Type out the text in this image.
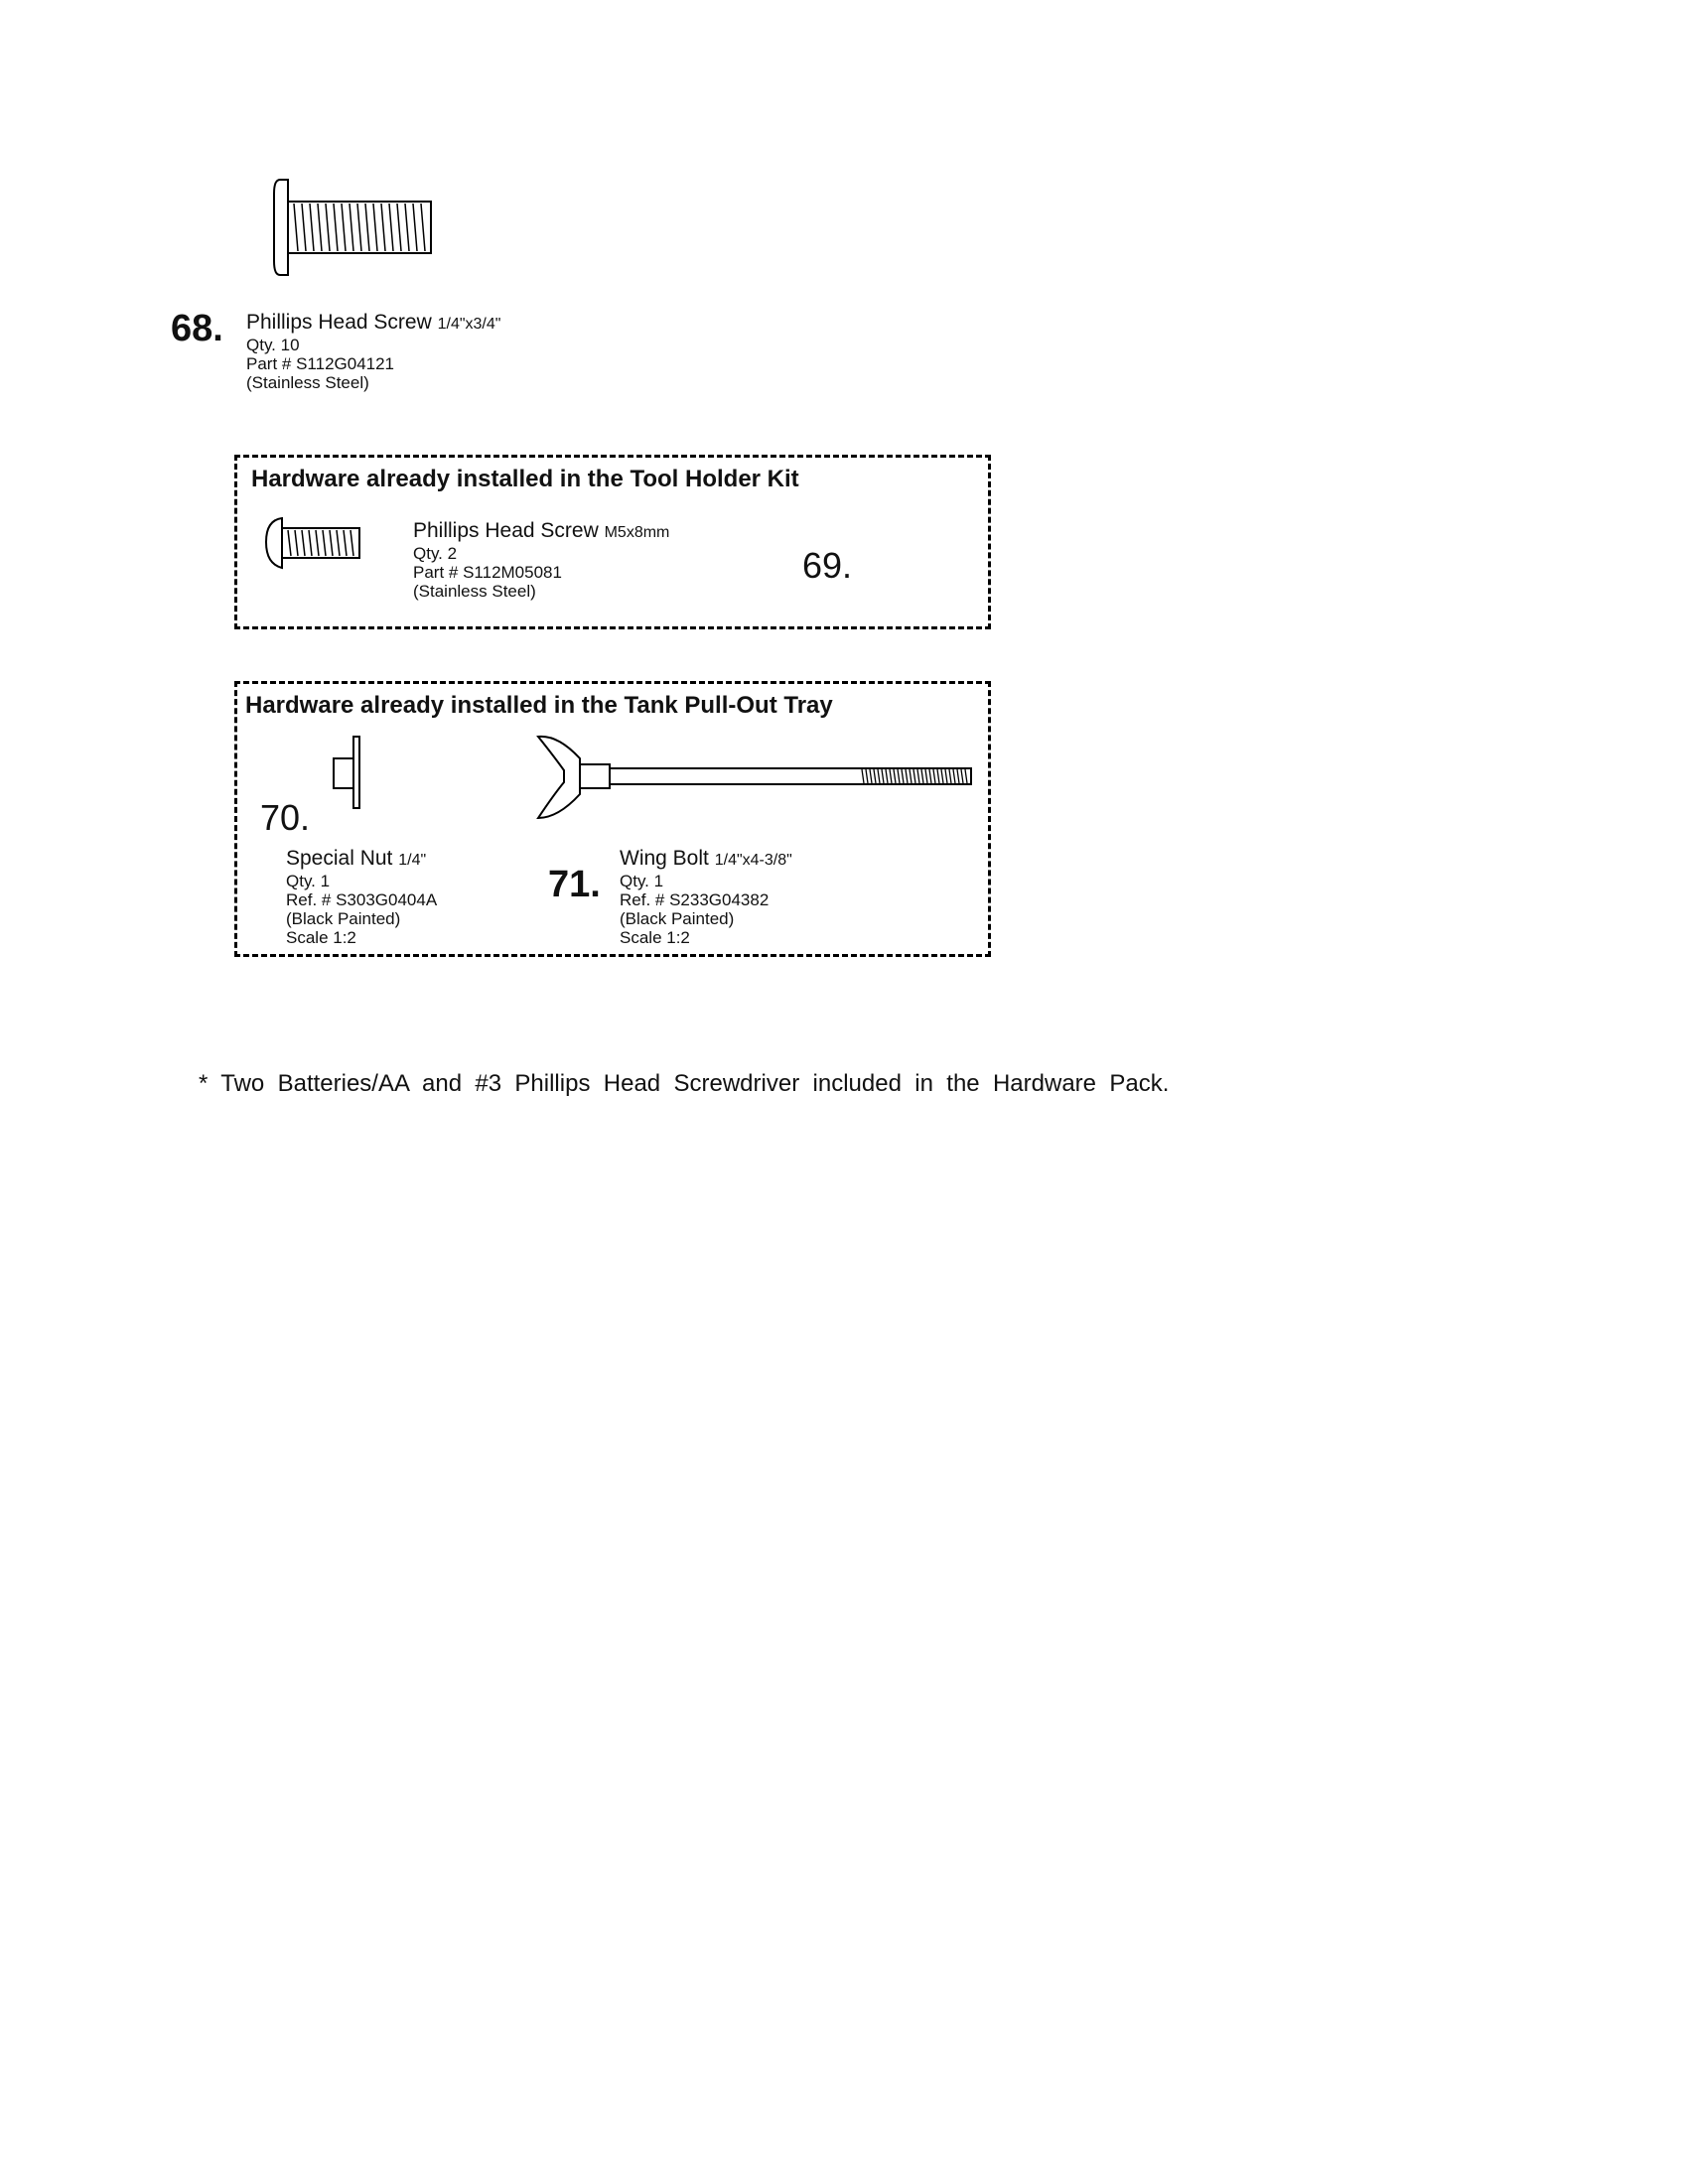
68. Phillips Head Screw 1/4"x3/4"
Qty. 10
Part # S112G04121
(Stainless Steel)
Hardware already installed in the Tool Holder Kit
Phillips Head Screw M5x8mm
Qty. 2
Part # S112M05081
(Stainless Steel)
69.
Hardware already installed in the Tank Pull-Out Tray
70.
Special Nut 1/4"
Qty. 1
Ref. # S303G0404A
(Black Painted)
Scale 1:2
71.
Wing Bolt 1/4"x4-3/8"
Qty. 1
Ref. # S233G04382
(Black Painted)
Scale 1:2
*  Two  Batteries/AA  and  #3  Phillips  Head  Screwdriver  included  in  the  Hardware  Pack.
